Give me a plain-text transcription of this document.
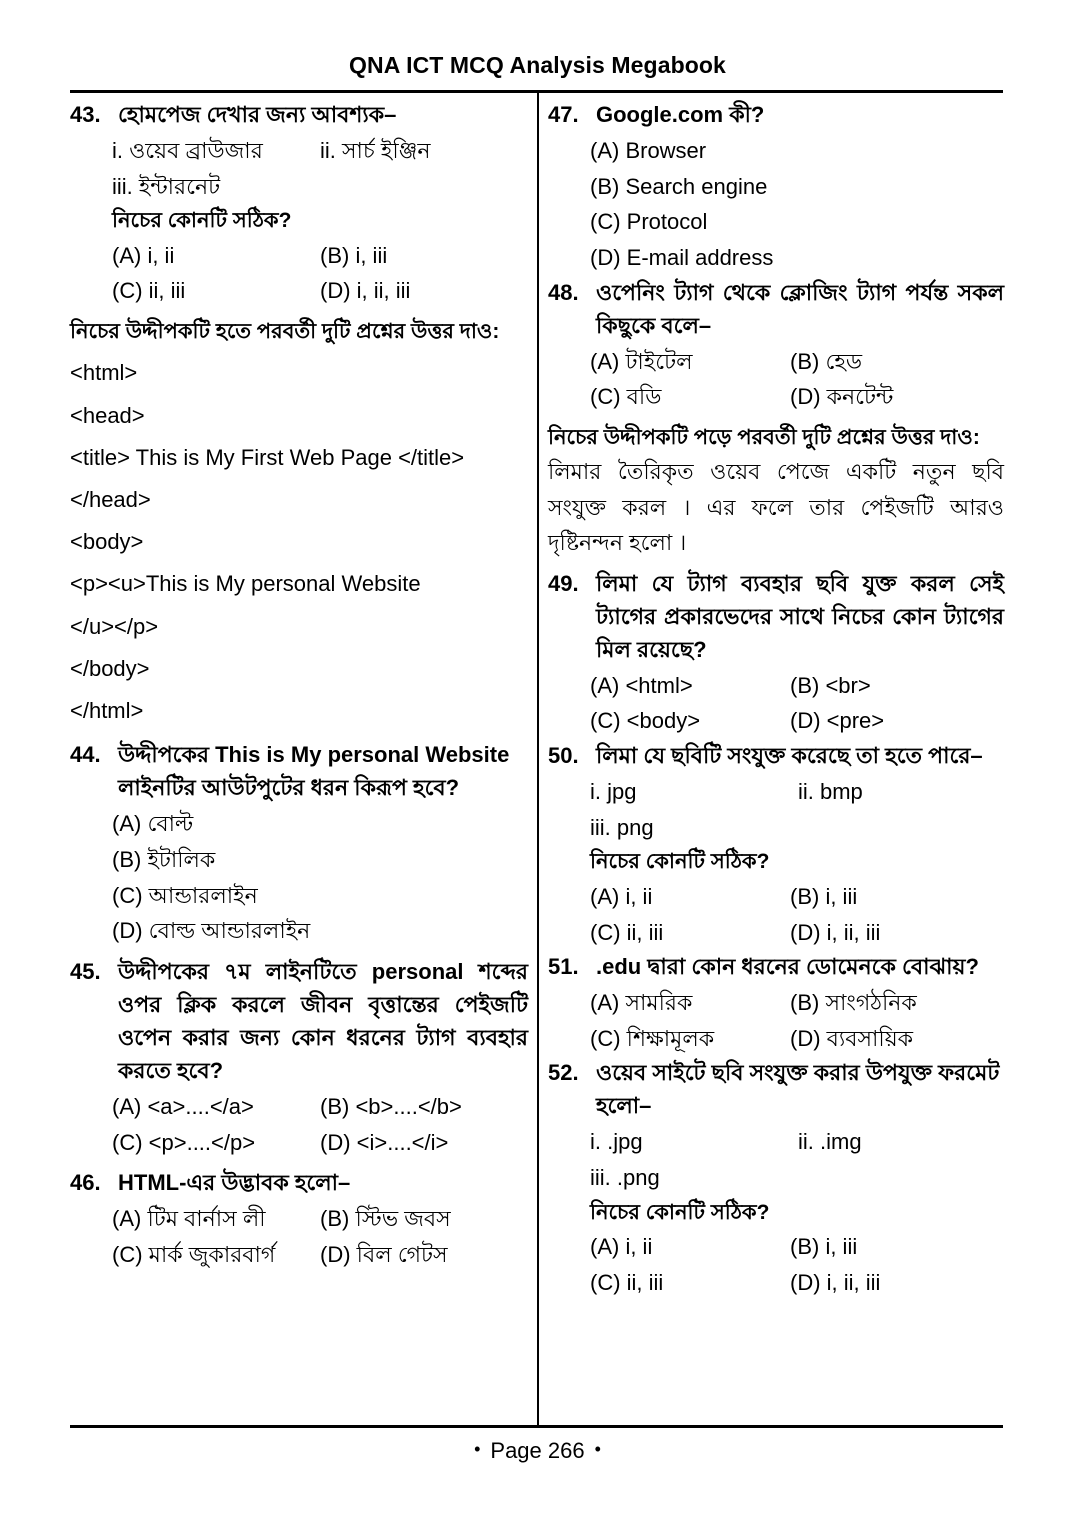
QNA ICT MCQ Analysis Megabook
43. হোমপেজ দেখার জন্য আবশ্যক–
i. ওয়েব ব্রাউজার	ii. সার্চ ইঞ্জিন
iii. ইন্টারনেট
নিচের কোনটি সঠিক?
(A) i, ii	(B) i, iii
(C) ii, iii	(D) i, ii, iii
নিচের উদ্দীপকটি হতে পরবর্তী দুটি প্রশ্নের উত্তর দাও:
<html>
<head>
<title> This is My First Web Page </title>
</head>
<body>
<p><u>This is My personal Website
</u></p>
</body>
</html>
44. উদ্দীপকের This is My personal Website লাইনটির আউটপুটের ধরন কিরূপ হবে?
(A) বোল্ট
(B) ইটালিক
(C) আন্ডারলাইন
(D) বোল্ড আন্ডারলাইন
45. উদ্দীপকের ৭ম লাইনটিতে personal শব্দের ওপর ক্লিক করলে জীবন বৃত্তান্তের পেইজটি ওপেন করার জন্য কোন ধরনের ট্যাগ ব্যবহার করতে হবে?
(A) <a>....</a>	(B) <b>....</b>
(C) <p>....</p>	(D) <i>....</i>
46. HTML-এর উদ্ভাবক হলো–
(A) টিম বার্নাস লী	(B) স্টিভ জবস
(C) মার্ক জুকারবার্গ	(D) বিল গেটস
47. Google.com কী?
(A) Browser
(B) Search engine
(C) Protocol
(D) E-mail address
48. ওপেনিং ট্যাগ থেকে ক্লোজিং ট্যাগ পর্যন্ত সকল কিছুকে বলে–
(A) টাইটেল	(B) হেড
(C) বডি	(D) কনটেন্ট
নিচের উদ্দীপকটি পড়ে পরবর্তী দুটি প্রশ্নের উত্তর দাও:
লিমার তৈরিকৃত ওয়েব পেজে একটি নতুন ছবি সংযুক্ত করল । এর ফলে তার পেইজটি আরও দৃষ্টিনন্দন হলো ।
49. লিমা যে ট্যাগ ব্যবহার ছবি যুক্ত করল সেই ট্যাগের প্রকারভেদের সাথে নিচের কোন ট্যাগের মিল রয়েছে?
(A) <html>	(B) <br>
(C) <body>	(D) <pre>
50. লিমা যে ছবিটি সংযুক্ত করেছে তা হতে পারে–
i. jpg	ii. bmp
iii. png
নিচের কোনটি সঠিক?
(A) i, ii	(B) i, iii
(C) ii, iii	(D) i, ii, iii
51. .edu দ্বারা কোন ধরনের ডোমেনকে বোঝায়?
(A) সামরিক	(B) সাংগঠনিক
(C) শিক্ষামূলক	(D) ব্যবসায়িক
52. ওয়েব সাইটে ছবি সংযুক্ত করার উপযুক্ত ফরমেট হলো–
i. .jpg	ii. .img
iii. .png
নিচের কোনটি সঠিক?
(A) i, ii	(B) i, iii
(C) ii, iii	(D) i, ii, iii
• Page 266 •
